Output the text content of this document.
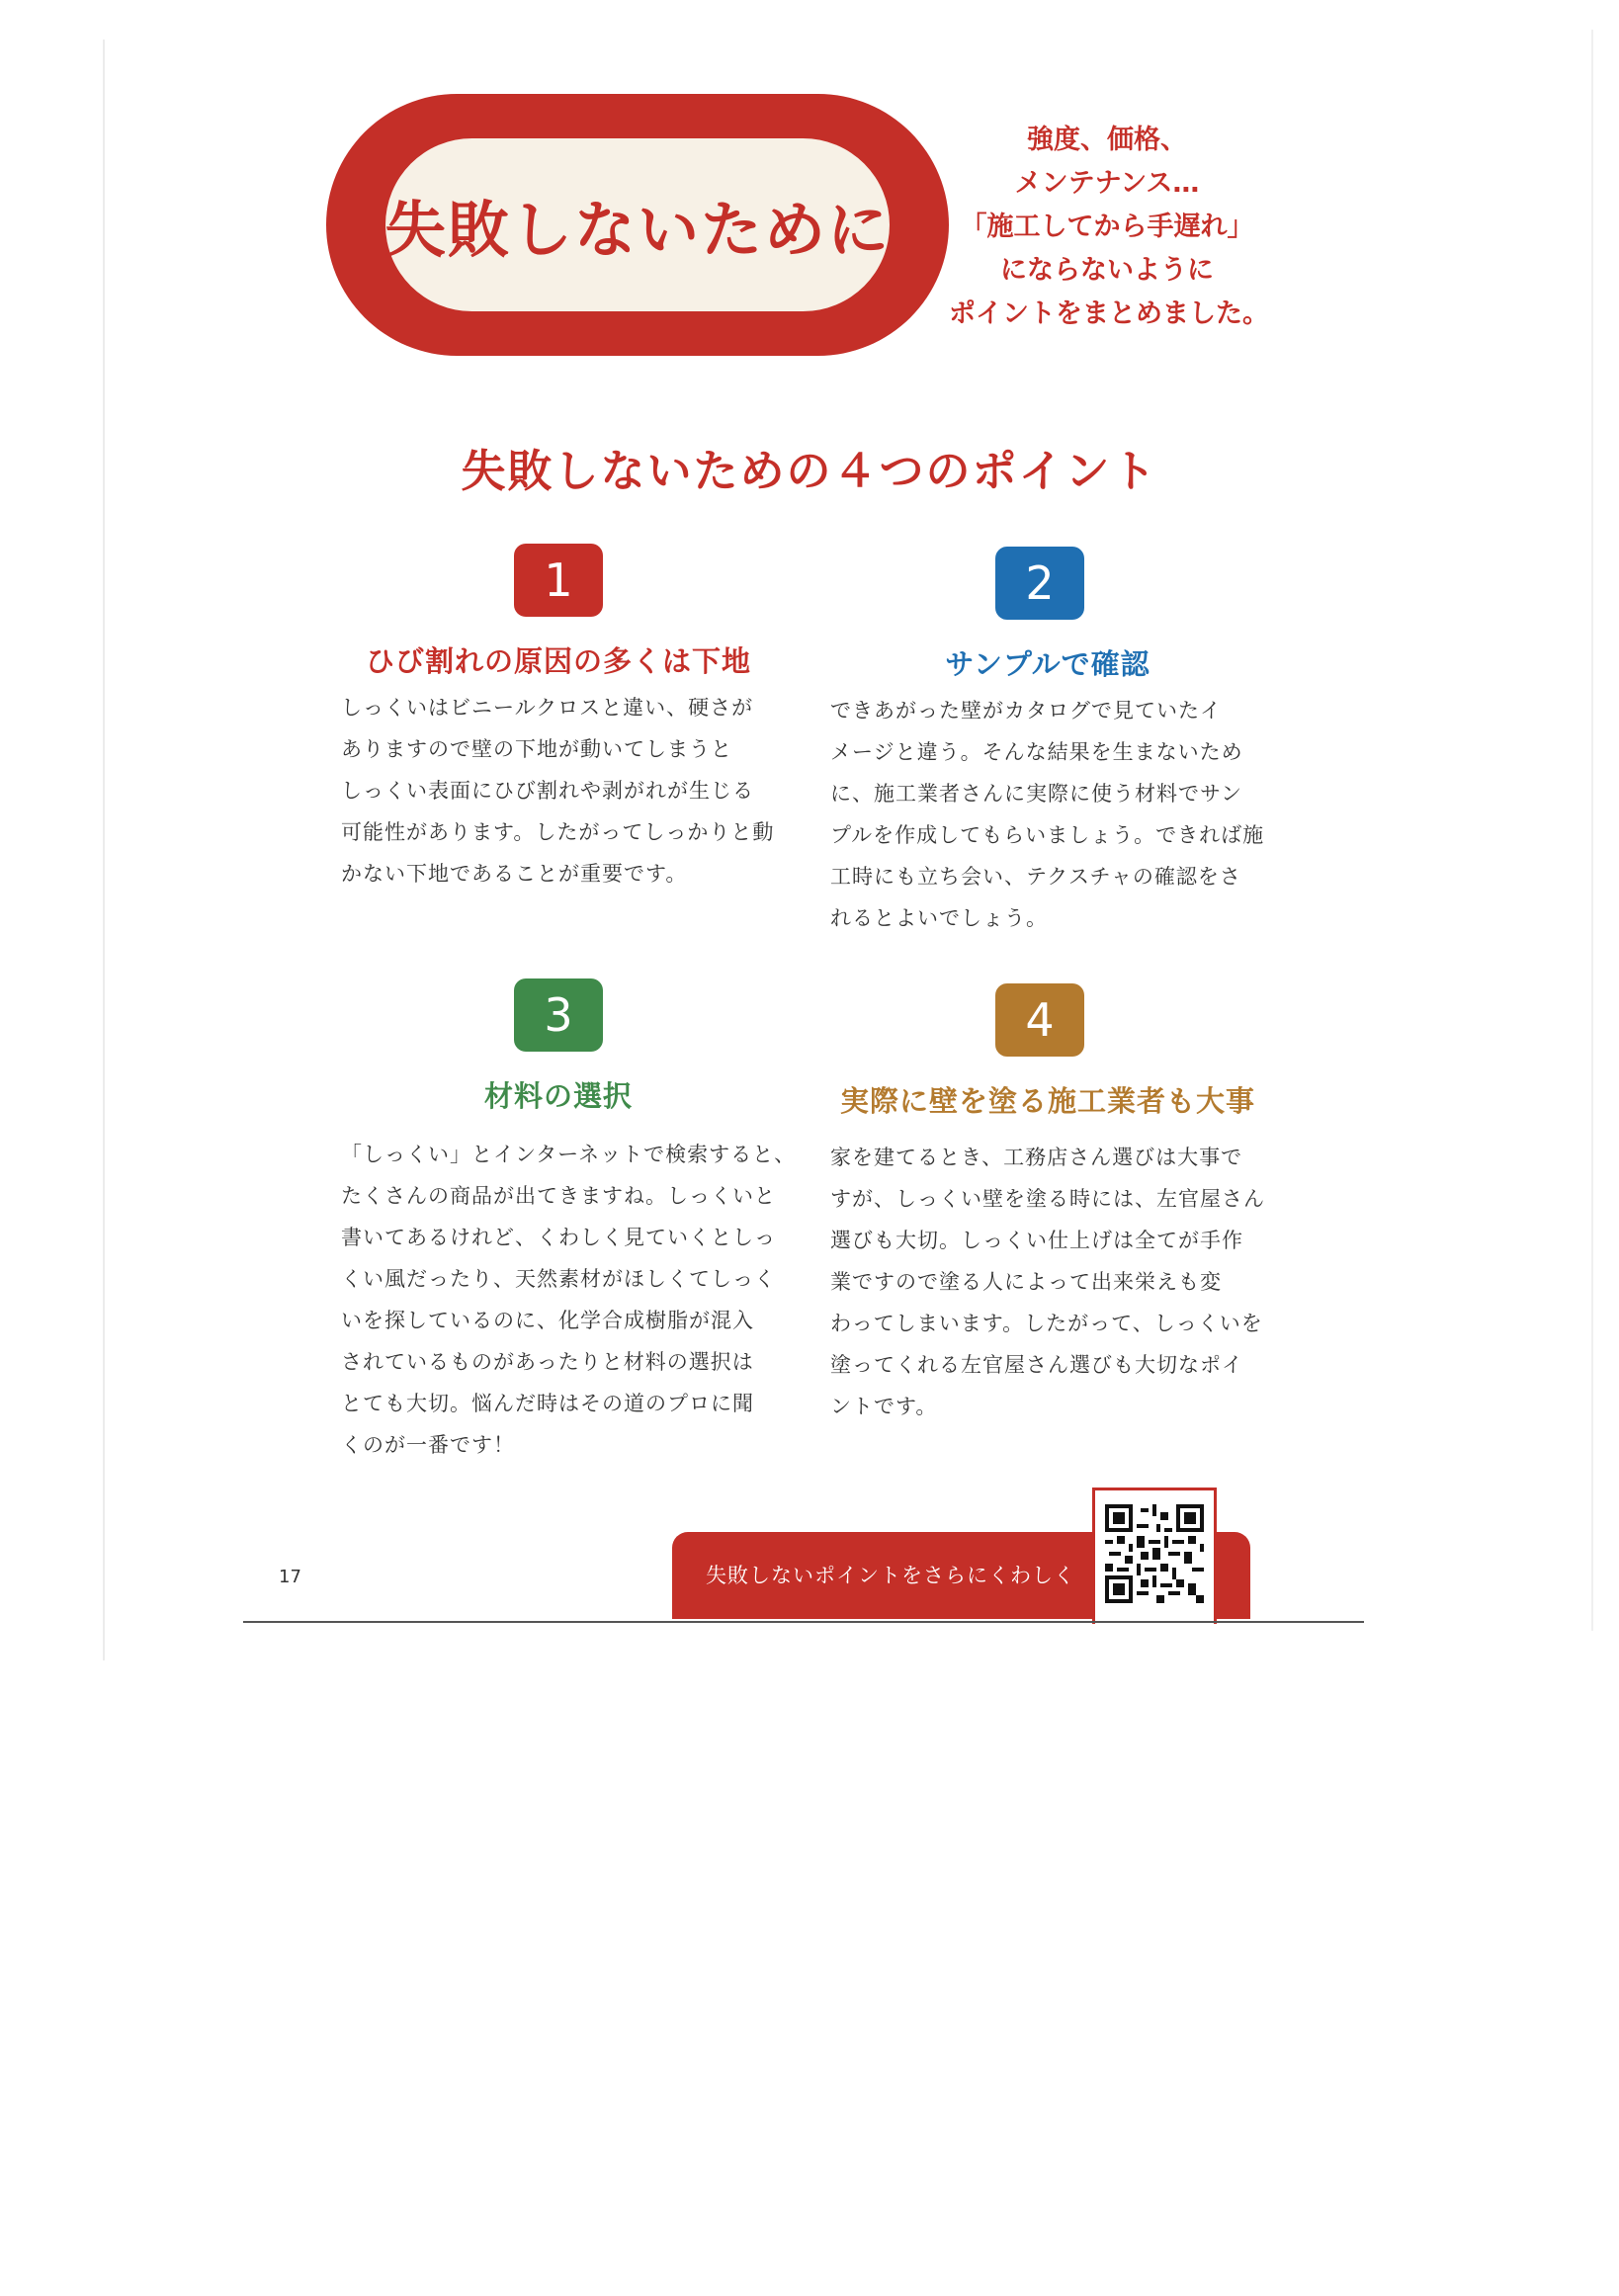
失敗しないために
強度、価格、
メンテナンス…
「施工してから手遅れ」
にならないように
ポイントをまとめました。
失敗しないための４つのポイント
1
ひび割れの原因の多くは下地
しっくいはビニールクロスと違い、硬さが
ありますので壁の下地が動いてしまうと
しっくい表面にひび割れや剥がれが生じる
可能性があります。したがってしっかりと動
かない下地であることが重要です。
2
サンプルで確認
できあがった壁がカタログで見ていたイ
メージと違う。そんな結果を生まないため
に、施工業者さんに実際に使う材料でサン
プルを作成してもらいましょう。できれば施
工時にも立ち会い、テクスチャの確認をさ
れるとよいでしょう。
3
材料の選択
「しっくい」とインターネットで検索すると、
たくさんの商品が出てきますね。しっくいと
書いてあるけれど、くわしく見ていくとしっ
くい風だったり、天然素材がほしくてしっく
いを探しているのに、化学合成樹脂が混入
されているものがあったりと材料の選択は
とても大切。悩んだ時はその道のプロに聞
くのが一番です！
4
実際に壁を塗る施工業者も大事
家を建てるとき、工務店さん選びは大事で
すが、しっくい壁を塗る時には、左官屋さん
選びも大切。しっくい仕上げは全てが手作
業ですので塗る人によって出来栄えも変
わってしまいます。したがって、しっくいを
塗ってくれる左官屋さん選びも大切なポイ
ントです。
17	失敗しないポイントをさらにくわしく
